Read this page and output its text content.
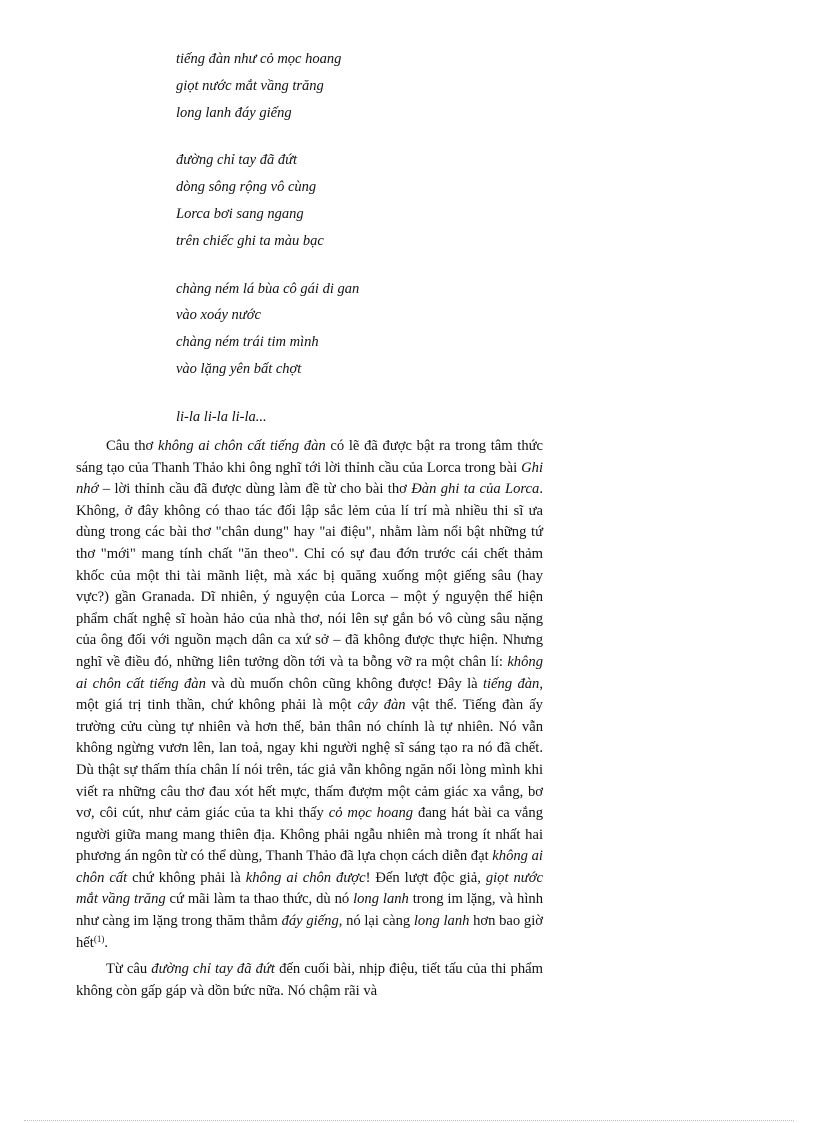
tiếng đàn như cỏ mọc hoang
giọt nước mắt vầng trăng
long lanh đáy giếng
đường chỉ tay đã đứt
dòng sông rộng vô cùng
Lorca bơi sang ngang
trên chiếc ghi ta màu bạc
chàng ném lá bùa cô gái di gan
vào xoáy nước
chàng ném trái tim mình
vào lặng yên bất chợt
li-la li-la li-la...

Câu thơ không ai chôn cất tiếng đàn có lẽ đã được bật ra trong tâm thức sáng tạo của Thanh Thảo khi ông nghĩ tới lời thỉnh cầu của Lorca trong bài Ghi nhớ – lời thỉnh cầu đã được dùng làm đề từ cho bài thơ Đàn ghi ta của Lorca. Không, ở đây không có thao tác đối lập sắc lẻm của lí trí mà nhiều thi sĩ ưa dùng trong các bài thơ "chân dung" hay "ai điệu", nhằm làm nổi bật những tứ thơ "mới" mang tính chất "ăn theo". Chỉ có sự đau đớn trước cái chết thảm khốc của một thi tài mãnh liệt, mà xác bị quăng xuống một giếng sâu (hay vực?) gần Granada. Dĩ nhiên, ý nguyện của Lorca – một ý nguyện thể hiện phẩm chất nghệ sĩ hoàn hảo của nhà thơ, nói lên sự gắn bó vô cùng sâu nặng của ông đối với nguồn mạch dân ca xứ sở – đã không được thực hiện. Nhưng nghĩ về điều đó, những liên tưởng dồn tới và ta bỗng vỡ ra một chân lí: không ai chôn cất tiếng đàn và dù muốn chôn cũng không được! Đây là tiếng đàn, một giá trị tinh thần, chứ không phải là một cây đàn vật thể. Tiếng đàn ấy trường cửu cùng tự nhiên và hơn thế, bản thân nó chính là tự nhiên. Nó vẫn không ngừng vươn lên, lan toả, ngay khi người nghệ sĩ sáng tạo ra nó đã chết. Dù thật sự thấm thía chân lí nói trên, tác giả vẫn không ngăn nổi lòng mình khi viết ra những câu thơ đau xót hết mực, thấm đượm một cảm giác xa vắng, bơ vơ, côi cút, như cảm giác của ta khi thấy cỏ mọc hoang đang hát bài ca vắng người giữa mang mang thiên địa. Không phải ngẫu nhiên mà trong ít nhất hai phương án ngôn từ có thể dùng, Thanh Thảo đã lựa chọn cách diễn đạt không ai chôn cất chứ không phải là không ai chôn được! Đến lượt độc giả, giọt nước mắt vầng trăng cứ mãi làm ta thao thức, dù nó long lanh trong im lặng, và hình như càng im lặng trong thăm thẳm đáy giếng, nó lại càng long lanh hơn bao giờ hết$^{(1)}$.

Từ câu đường chỉ tay đã đứt đến cuối bài, nhịp điệu, tiết tấu của thi phẩm không còn gấp gáp và dồn bức nữa. Nó chậm rãi và
